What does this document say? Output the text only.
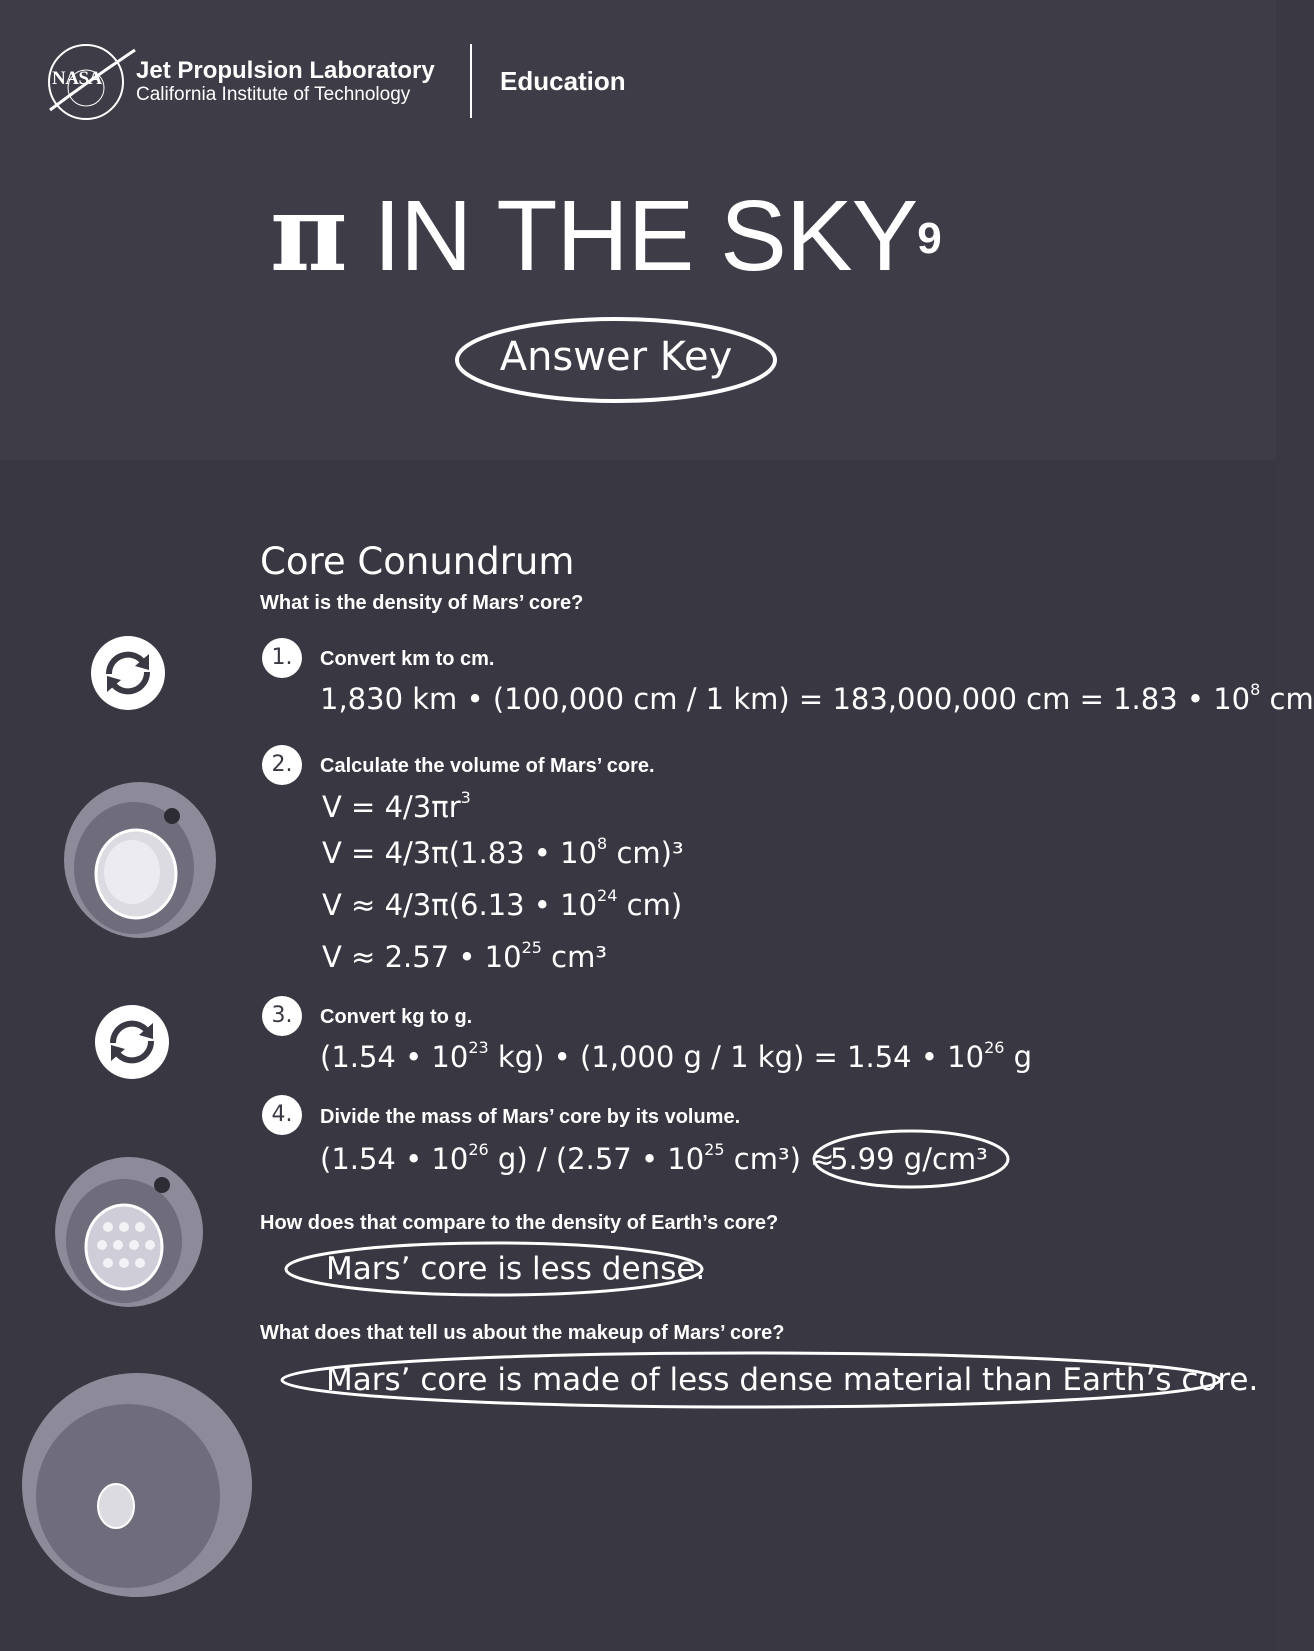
NASA Jet Propulsion Laboratory
California Institute of Technology	Education
π IN THE SKY$^9$
Answer Key
Core Conundrum
What is the density of Mars’ core?
1.	Convert km to cm.
1,830 km • (100,000 cm / 1 km) = 183,000,000 cm = 1.83 • $10^8$ cm
2.	Calculate the volume of Mars’ core.
$V = 4/3\pi r^3$
V = 4/3π(1.83 • $10^8$ cm)³
V ≈ 4/3π(6.13 • $10^{24}$ cm)
V ≈ 2.57 • $10^{25}$ cm³
3.	Convert kg to g.
(1.54 • $10^{23}$ kg) • (1,000 g / 1 kg) = 1.54 • $10^{26}$ g
4.	Divide the mass of Mars’ core by its volume.
(1.54 • $10^{26}$ g) / (2.57 • $10^{25}$ cm³) ≈
5.99 g/cm³
How does that compare to the density of Earth’s core?
Mars’ core is less dense.
What does that tell us about the makeup of Mars’ core?
Mars’ core is made of less dense material than Earth’s core.
